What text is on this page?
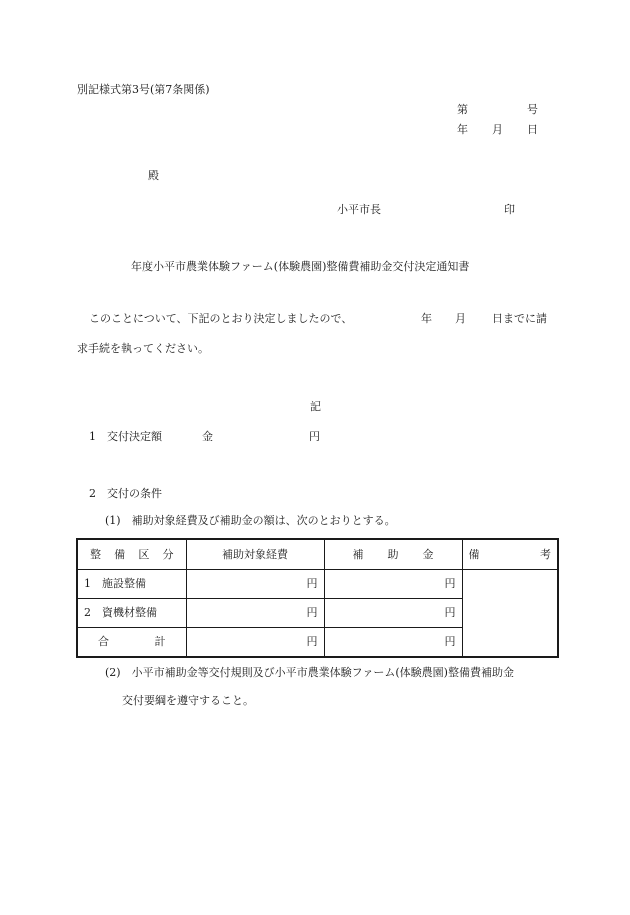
別記様式第3号(第7条関係)
第	号
年 月 日
殿
小平市長	印
年度小平市農業体験ファーム(体験農園)整備費補助金交付決定通知書
このことについて、下記のとおり決定しましたので、	年 月 日までに請
求手続を執ってください。
記
1　交付決定額	金	円
2　交付の条件
(1)　補助対象経費及び補助金の額は、次のとおりとする。
整 備 区 分	補助対象経費	補 助 金	備 考

1　施設整備	円	円	
2　資機材整備	円	円	

合 計	円	円	
(2)　小平市補助金等交付規則及び小平市農業体験ファーム(体験農園)整備費補助金
交付要綱を遵守すること。
